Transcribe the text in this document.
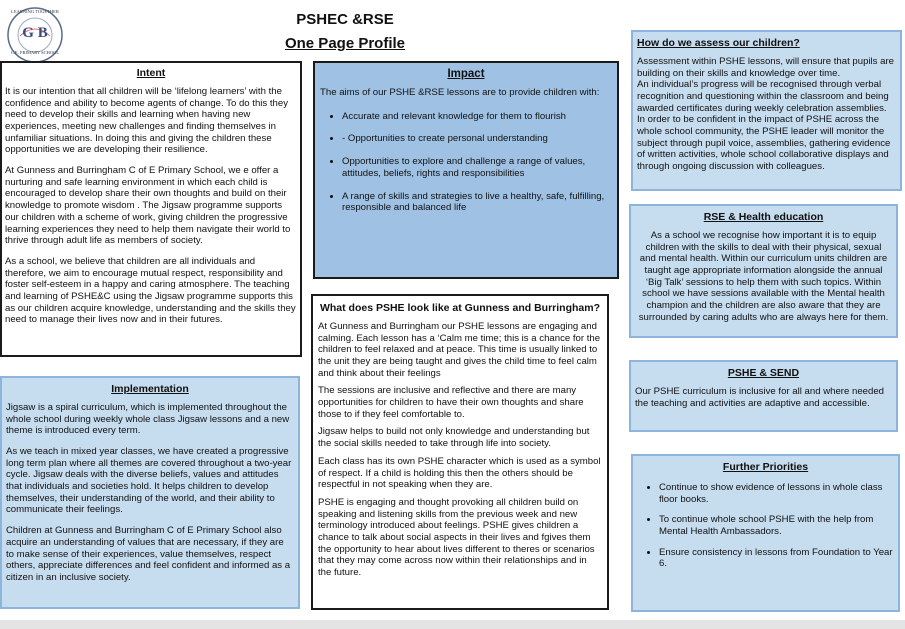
LEARNING TOGETHER
G B
C.E. PRIMARY SCHOOL
PSHEC &RSE
One Page Profile
Intent

It is our intention that all children will be ‘lifelong learners’ with the confidence and ability to become agents of change. To do this they need to develop their skills and learning when having new experiences, meeting new challenges and finding themselves in unfamiliar situations. In doing this and giving the children these opportunities we are developing their resilience.

At Gunness and Burringham C of E Primary School, we e offer a nurturing and safe learning environment in which each child is encouraged to develop share their own thoughts and build on their knowledge to promote wisdom . The Jigsaw programme supports our children with a scheme of work, giving children the progressive learning experiences they need to help them navigate their world to thrive through adult life as members of society.

As a school, we believe that children are all individuals and therefore, we aim to encourage mutual respect, responsibility and foster self-esteem in a happy and caring atmosphere. The teaching and learning of PSHE&C using the Jigsaw programme supports this as our children acquire knowledge, understanding and the skills they need to manage their lives now and in their futures.

Impact

The aims of our PSHE &RSE lessons are to provide children with:

• Accurate and relevant knowledge for them to flourish
• - Opportunities to create personal understanding
• Opportunities to explore and challenge a range of values, attitudes, beliefs, rights and responsibilities
• A range of skills and strategies to live a healthy, safe, fulfilling, responsible and balanced life
How do we assess our children?

Assessment within PSHE lessons, will ensure that pupils are building on their skills and knowledge over time.

An individual’s progress will be recognised through verbal recognition and questioning within the classroom and being awarded certificates during weekly celebration assemblies. In order to be confident in the impact of PSHE across the whole school community, the PSHE leader will monitor the subject through pupil voice, assemblies, gathering evidence of written activities, whole school collaborative displays and through ongoing discussion with colleagues.

RSE & Health education

As a school we recognise how important it is to equip children with the skills to deal with their physical, sexual and mental health. Within our curriculum units children are taught age appropriate information alongside the annual ‘Big Talk’ sessions to help them with such topics. Within school we have sessions available with the Mental health champion and the children are also aware that they are surrounded by caring adults who are always here for them.

PSHE & SEND

Our PSHE curriculum is inclusive for all and where needed the teaching and activities are adaptive and accessible.

Implementation

Jigsaw is a spiral curriculum, which is implemented throughout the whole school during weekly whole class Jigsaw lessons and a new theme is introduced every term.

As we teach in mixed year classes, we have created a progressive long term plan where all themes are covered throughout a two-year cycle. Jigsaw deals with the diverse beliefs, values and attitudes that individuals and societies hold. It helps children to develop themselves, their understanding of the world, and their ability to communicate their feelings.

Children at Gunness and Burringham C of E Primary School also acquire an understanding of values that are necessary, if they are to make sense of their experiences, value themselves, respect others, appreciate differences and feel confident and informed as a citizen in an inclusive society.

What does PSHE look like at Gunness and Burringham?

At Gunness and Burringham our PSHE lessons are engaging and calming. Each lesson has a ‘Calm me time; this is a chance for the children to feel relaxed and at peace. This time is usually linked to the unit they are being taught and gives the child time to feel calm and think about their feelings

The sessions are inclusive and reflective and there are many opportunities for children to have their own thoughts and share those to if they feel comfortable to.

Jigsaw helps to build not only knowledge and understanding but the social skills needed to take through life into society.

Each class has its own PSHE character which is used as a symbol of respect. If a child is holding this then the others should be respectful in not speaking when they are.

PSHE is engaging and thought provoking all children build on speaking and listening skills from the previous week and new terminology introduced about feelings. PSHE gives children a chance to talk about social aspects in their lives and fgives them the opportunity to hear about lives different to theres or scenarios that they may come across now within their relationships and in the future.

Further Priorities
• Continue to show evidence of lessons in whole class floor books.
• To continue whole school PSHE with the help from Mental Health Ambassadors.
• Ensure consistency in lessons from Foundation to Year 6.
